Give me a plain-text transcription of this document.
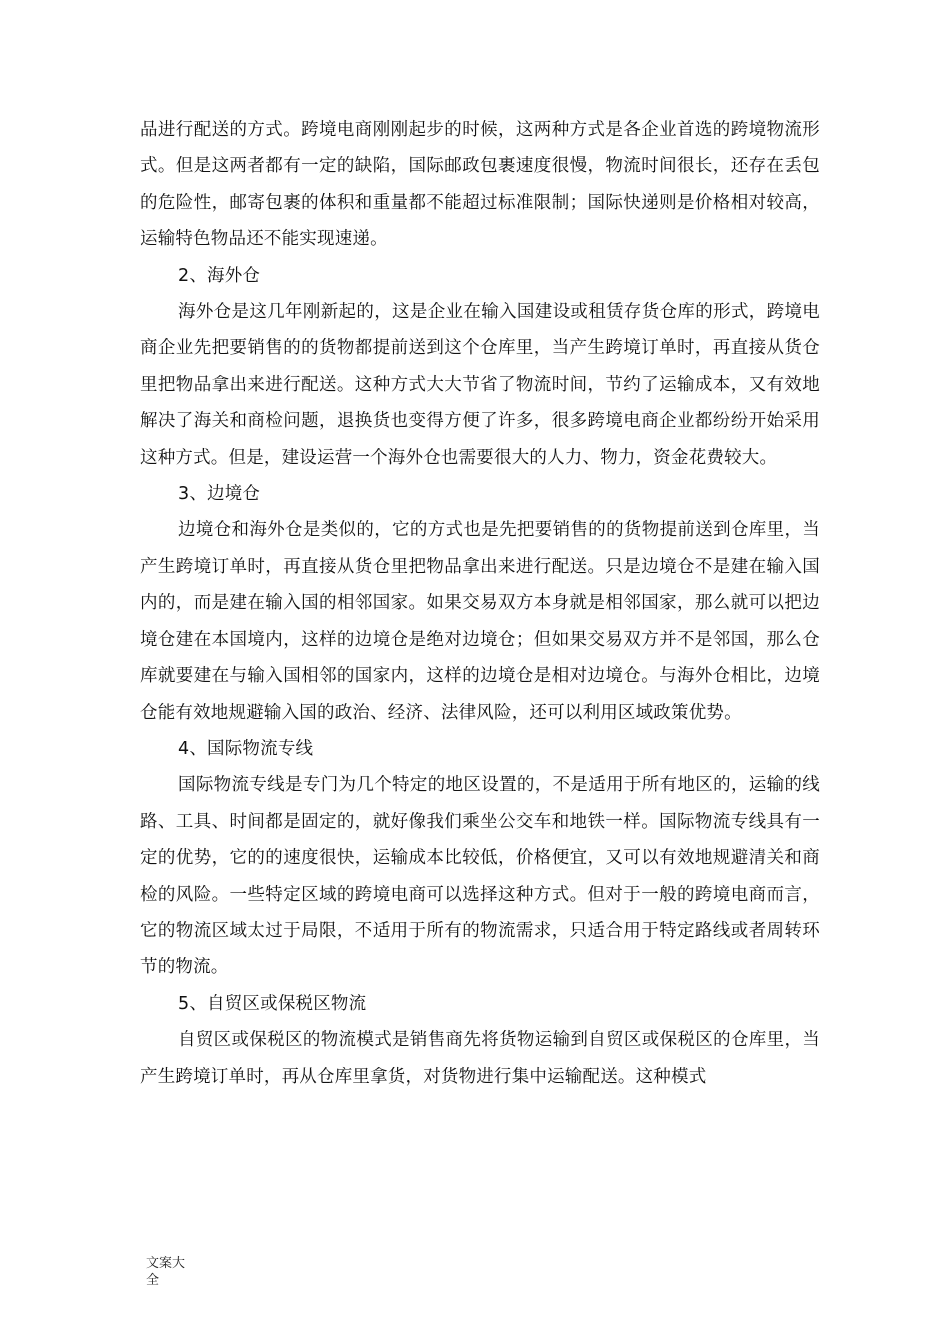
品进行配送的方式。跨境电商刚刚起步的时候，这两种方式是各企业首选的跨境物流形式。但是这两者都有一定的缺陷，国际邮政包裹速度很慢，物流时间很长，还存在丢包的危险性，邮寄包裹的体积和重量都不能超过标准限制；国际快递则是价格相对较高，运输特色物品还不能实现速递。

2、海外仓

海外仓是这几年刚新起的，这是企业在输入国建设或租赁存货仓库的形式，跨境电商企业先把要销售的的货物都提前送到这个仓库里，当产生跨境订单时，再直接从货仓里把物品拿出来进行配送。这种方式大大节省了物流时间，节约了运输成本，又有效地解决了海关和商检问题，退换货也变得方便了许多，很多跨境电商企业都纷纷开始采用这种方式。但是，建设运营一个海外仓也需要很大的人力、物力，资金花费较大。

3、边境仓

边境仓和海外仓是类似的，它的方式也是先把要销售的的货物提前送到仓库里，当产生跨境订单时，再直接从货仓里把物品拿出来进行配送。只是边境仓不是建在输入国内的，而是建在输入国的相邻国家。如果交易双方本身就是相邻国家，那么就可以把边境仓建在本国境内，这样的边境仓是绝对边境仓；但如果交易双方并不是邻国，那么仓库就要建在与输入国相邻的国家内，这样的边境仓是相对边境仓。与海外仓相比，边境仓能有效地规避输入国的政治、经济、法律风险，还可以利用区域政策优势。

4、国际物流专线

国际物流专线是专门为几个特定的地区设置的，不是适用于所有地区的，运输的线路、工具、时间都是固定的，就好像我们乘坐公交车和地铁一样。国际物流专线具有一定的优势，它的的速度很快，运输成本比较低，价格便宜，又可以有效地规避清关和商检的风险。一些特定区域的跨境电商可以选择这种方式。但对于一般的跨境电商而言，它的物流区域太过于局限，不适用于所有的物流需求，只适合用于特定路线或者周转环节的物流。

5、自贸区或保税区物流

自贸区或保税区的物流模式是销售商先将货物运输到自贸区或保税区的仓库里，当产生跨境订单时，再从仓库里拿货，对货物进行集中运输配送。这种模式

文案大全
